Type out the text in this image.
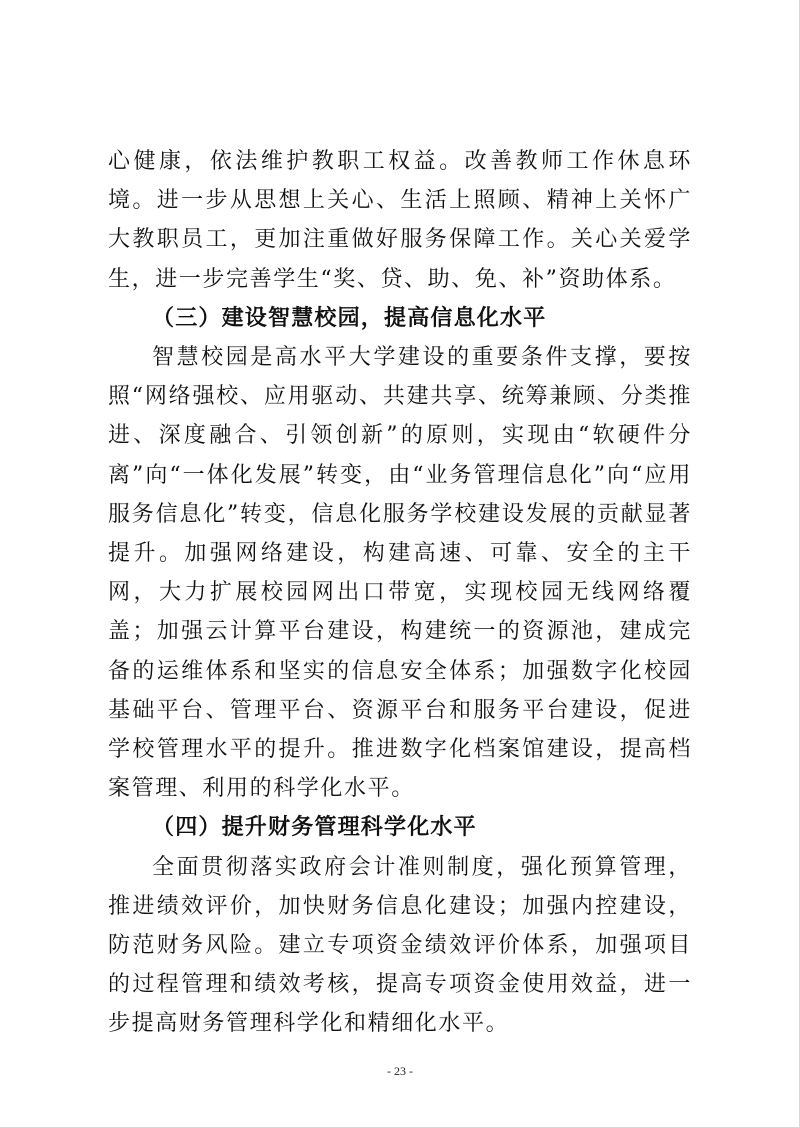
心健康，依法维护教职工权益。改善教师工作休息环境。进一步从思想上关心、生活上照顾、精神上关怀广大教职员工，更加注重做好服务保障工作。关心关爱学生，进一步完善学生“奖、贷、助、免、补”资助体系。

（三）建设智慧校园，提高信息化水平

智慧校园是高水平大学建设的重要条件支撑，要按照“网络强校、应用驱动、共建共享、统筹兼顾、分类推进、深度融合、引领创新”的原则，实现由“软硬件分离”向“一体化发展”转变，由“业务管理信息化”向“应用服务信息化”转变，信息化服务学校建设发展的贡献显著提升。加强网络建设，构建高速、可靠、安全的主干网，大力扩展校园网出口带宽，实现校园无线网络覆盖；加强云计算平台建设，构建统一的资源池，建成完备的运维体系和坚实的信息安全体系；加强数字化校园基础平台、管理平台、资源平台和服务平台建设，促进学校管理水平的提升。推进数字化档案馆建设，提高档案管理、利用的科学化水平。

（四）提升财务管理科学化水平

全面贯彻落实政府会计准则制度，强化预算管理，推进绩效评价，加快财务信息化建设；加强内控建设，防范财务风险。建立专项资金绩效评价体系，加强项目的过程管理和绩效考核，提高专项资金使用效益，进一步提高财务管理科学化和精细化水平。

- 23 -
